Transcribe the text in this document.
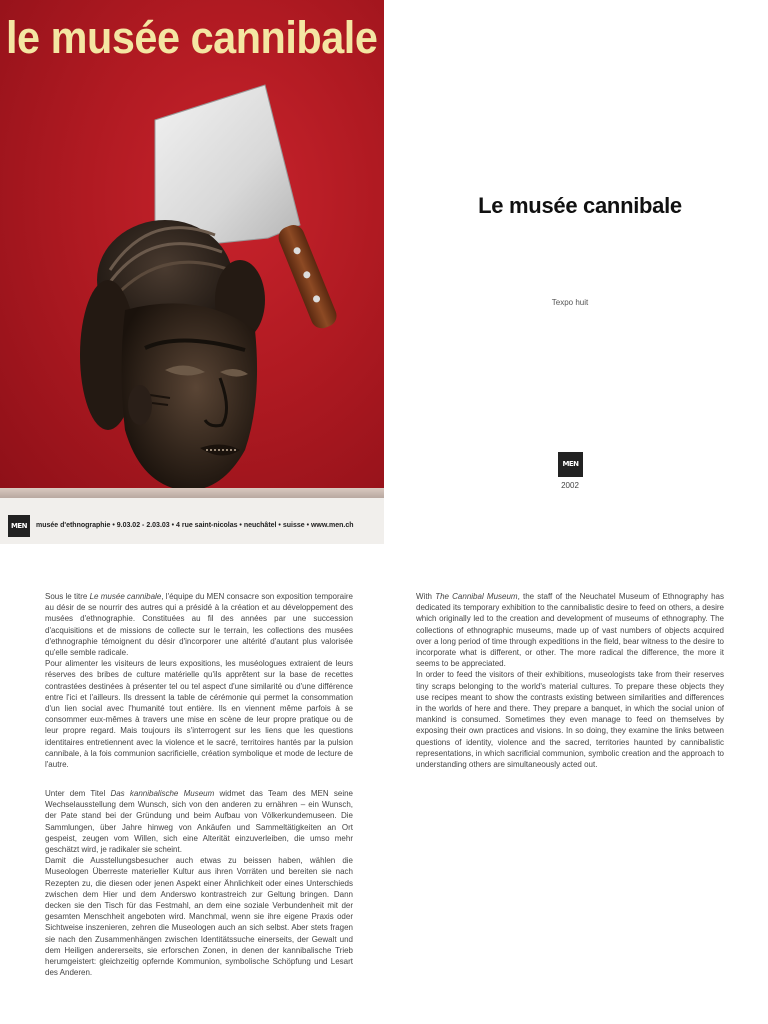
le musée cannibale
MEN	musée d'ethnographie • 9.03.02 - 2.03.03 • 4 rue saint-nicolas • neuchâtel • suisse • www.men.ch
Le musée cannibale
Texpo huit
MEN
2002

Sous le titre Le musée cannibale, l'équipe du MEN consacre son exposition temporaire au désir de se nourrir des autres qui a présidé à la création et au développement des musées d'ethnographie. Constituées au fil des années par une succession d'acquisitions et de missions de collecte sur le terrain, les collections des musées d'ethnographie témoignent du désir d'incorporer une altérité d'autant plus valorisée qu'elle semble radicale.

Pour alimenter les visiteurs de leurs expositions, les muséologues extraient de leurs réserves des bribes de culture matérielle qu'ils apprêtent sur la base de recettes contrastées destinées à présenter tel ou tel aspect d'une similarité ou d'une différence entre l'ici et l'ailleurs. Ils dressent la table de cérémonie qui permet la consommation d'un lien social avec l'humanité tout entière. Ils en viennent même parfois à se consommer eux-mêmes à travers une mise en scène de leur propre pratique ou de leur propre regard. Mais toujours ils s'interrogent sur les liens que les questions identitaires entretiennent avec la violence et le sacré, territoires hantés par la pulsion cannibale, à la fois communion sacrificielle, création symbolique et mode de lecture de l'autre.

Unter dem Titel Das kannibalische Museum widmet das Team des MEN seine Wechselausstellung dem Wunsch, sich von den anderen zu ernähren – ein Wunsch, der Pate stand bei der Gründung und beim Aufbau von Völkerkundemuseen. Die Sammlungen, über Jahre hinweg von Ankäufen und Sammeltätigkeiten an Ort gespeist, zeugen vom Willen, sich eine Alterität einzuverleiben, die umso mehr geschätzt wird, je radikaler sie scheint.

Damit die Ausstellungsbesucher auch etwas zu beissen haben, wählen die Museologen Überreste materieller Kultur aus ihren Vorräten und bereiten sie nach Rezepten zu, die diesen oder jenen Aspekt einer Ähnlichkeit oder eines Unterschieds zwischen dem Hier und dem Anderswo kontrastreich zur Geltung bringen. Dann decken sie den Tisch für das Festmahl, an dem eine soziale Verbundenheit mit der gesamten Menschheit angeboten wird. Manchmal, wenn sie ihre eigene Praxis oder Sichtweise inszenieren, zehren die Museologen auch an sich selbst. Aber stets fragen sie nach den Zusammenhängen zwischen Identitätssuche einerseits, der Gewalt und dem Heiligen andererseits, sie erforschen Zonen, in denen der kannibalische Trieb herumgeistert: gleichzeitig opfernde Kommunion, symbolische Schöpfung und Lesart des Anderen.

With The Cannibal Museum, the staff of the Neuchatel Museum of Ethnography has dedicated its temporary exhibition to the cannibalistic desire to feed on others, a desire which originally led to the creation and development of museums of ethnography. The collections of ethnographic museums, made up of vast numbers of objects acquired over a long period of time through expeditions in the field, bear witness to the desire to incorporate what is different, or other. The more radical the difference, the more it seems to be appreciated.

In order to feed the visitors of their exhibitions, museologists take from their reserves tiny scraps belonging to the world's material cultures. To prepare these objects they use recipes meant to show the contrasts existing between similarities and differences in the worlds of here and there. They prepare a banquet, in which the social union of mankind is consumed. Sometimes they even manage to feed on themselves by exposing their own practices and visions. In so doing, they examine the links between questions of identity, violence and the sacred, territories haunted by cannibalistic representations, in which sacrificial communion, symbolic creation and the approach to understanding others are simultaneously acted out.
